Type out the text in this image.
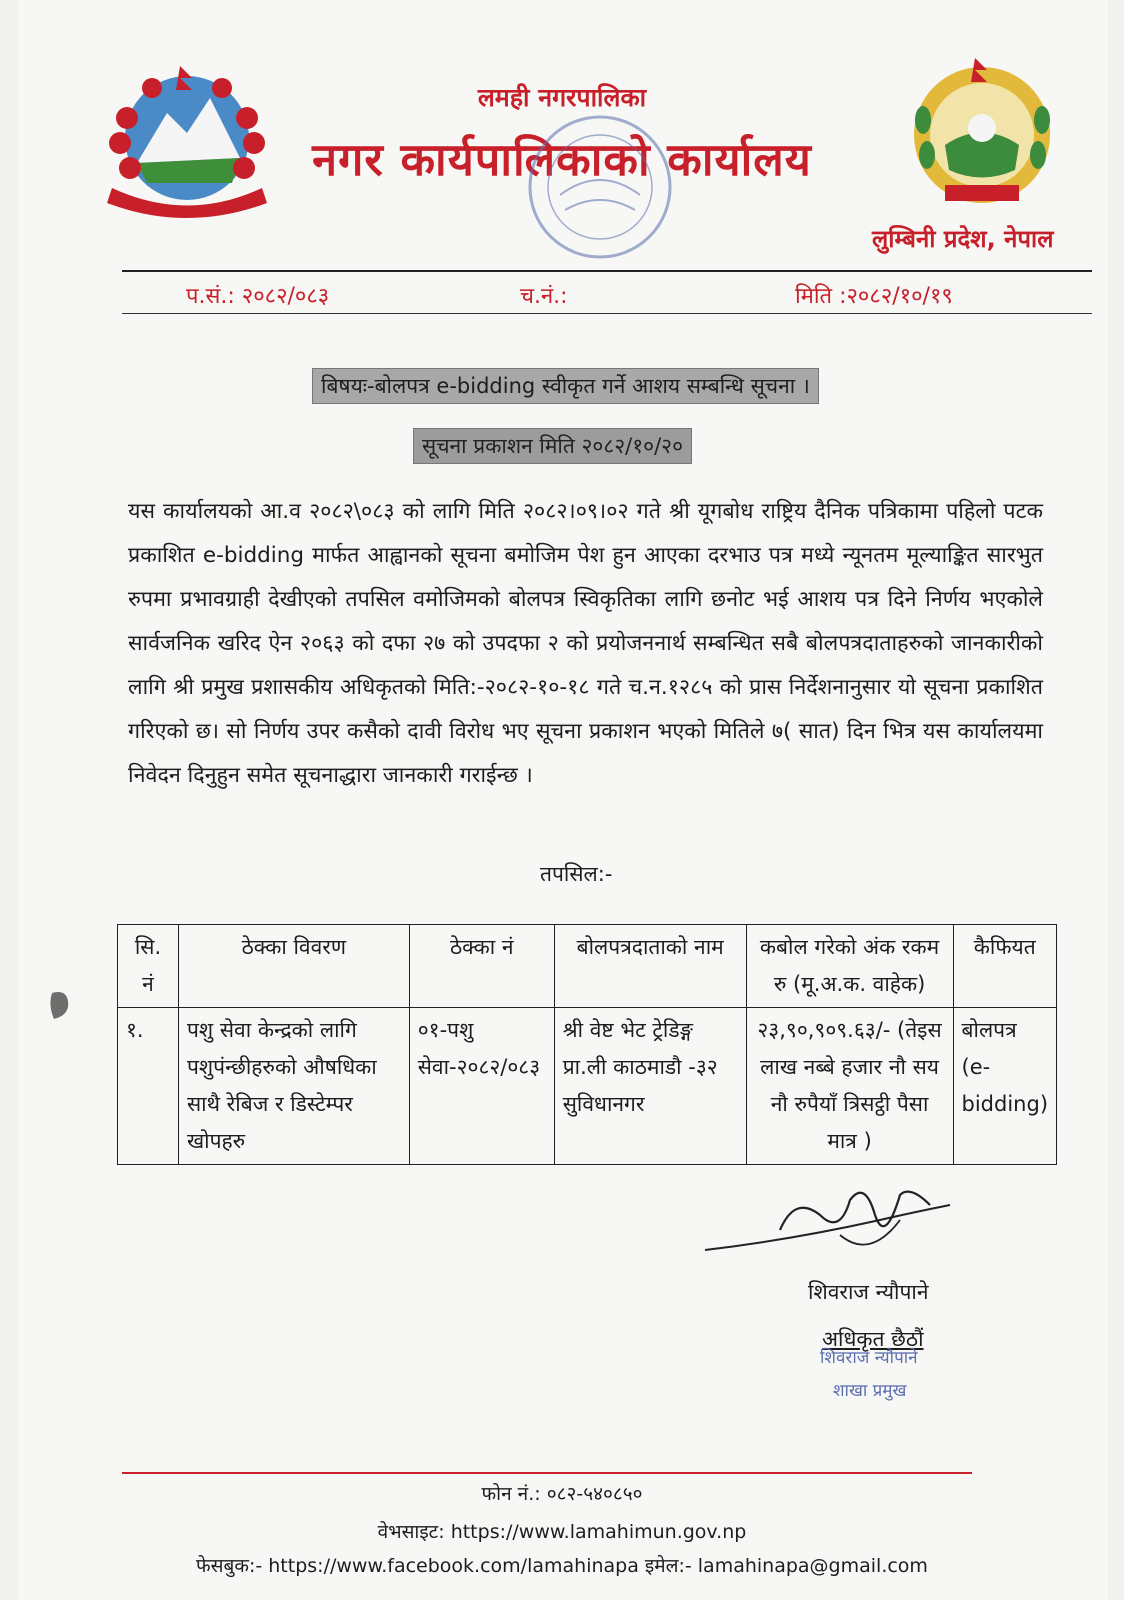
लमही नगरपालिका
नगर कार्यपालिकाको कार्यालय
लुम्बिनी प्रदेश, नेपाल
प.सं.: २०८२/०८३	च.नं.:	मिति :२०८२/१०/१९
बिषयः-बोलपत्र e-bidding स्वीकृत गर्ने आशय सम्बन्धि सूचना ।
सूचना प्रकाशन मिति २०८२/१०/२०
यस कार्यालयको आ.व २०८२\०८३ को लागि मिति २०८२।०९।०२ गते श्री यूगबोध राष्ट्रिय दैनिक पत्रिकामा पहिलो पटक प्रकाशित e-bidding मार्फत आह्वानको सूचना बमोजिम पेश हुन आएका दरभाउ पत्र मध्ये न्यूनतम मूल्याङ्कित सारभुत रुपमा प्रभावग्राही देखीएको तपसिल वमोजिमको बोलपत्र स्विकृतिका लागि छनोट भई आशय पत्र दिने निर्णय भएकोले सार्वजनिक खरिद ऐन २०६३ को दफा २७ को उपदफा २ को प्रयोजननार्थ सम्बन्धित सबै बोलपत्रदाताहरुको जानकारीको लागि श्री प्रमुख प्रशासकीय अधिकृतको मिति:-२०८२-१०-१८ गते च.न.१२८५ को प्रास निर्देशनानुसार यो सूचना प्रकाशित गरिएको छ। सो निर्णय उपर कसैको दावी विरोध भए सूचना प्रकाशन भएको मितिले ७( सात) दिन भित्र यस कार्यालयमा निवेदन दिनुहुन समेत सूचनाद्धारा जानकारी गराईन्छ ।
तपसिल:-
सि. नं	ठेक्का विवरण	ठेक्का नं	बोलपत्रदाताको नाम	कबोल गरेको अंक रकम रु (मू.अ.क. वाहेक)	कैफियत
१.	पशु सेवा केन्द्रको लागि पशुपंन्छीहरुको औषधिका साथै रेबिज र डिस्टेम्पर खोपहरु	०१-पशु सेवा-२०८२/०८३	श्री वेष्ट भेट ट्रेडिङ्ग प्रा.ली काठमाडौ -३२ सुविधानगर	२३,९०,९०९.६३/- (तेइस लाख नब्बे हजार नौ सय नौ रुपैयाँ त्रिसट्ठी पैसा मात्र )	बोलपत्र (e-bidding)
शिवराज न्यौपाने
अधिकृत छैठौं
शिवराज न्यौपाने
शाखा प्रमुख
फोन नं.: ०८२-५४०८५०
वेभसाइट: https://www.lamahimun.gov.np
फेसबुक:- https://www.facebook.com/lamahinapa इमेल:- lamahinapa@gmail.com
